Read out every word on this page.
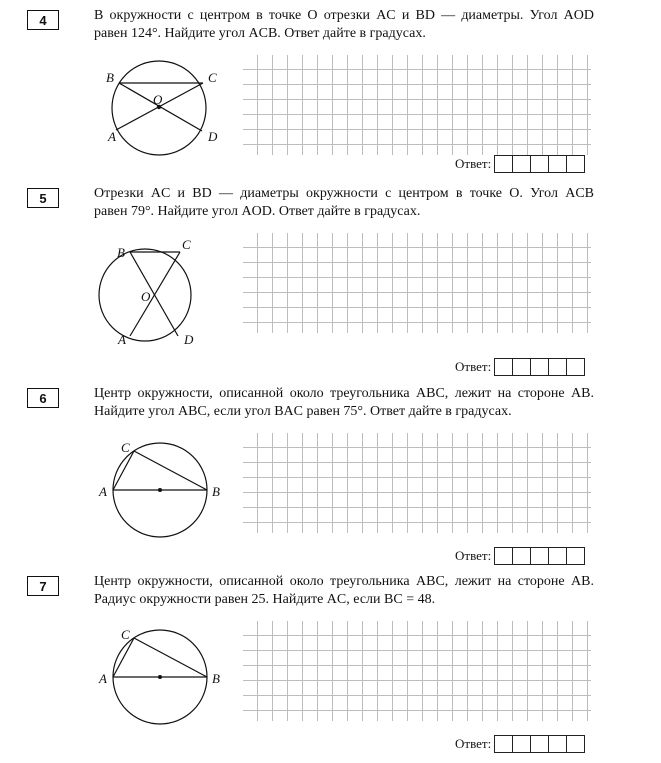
4	В окружности с центром в точке O отрезки AC и BD — диаметры. Угол AOD
равен 124°. Найдите угол ACB. Ответ дайте в градусах.
B	C
A	D
O
Ответ:
5	Отрезки AC и BD — диаметры окружности с центром в точке O. Угол ACB
равен 79°. Найдите угол AOD. Ответ дайте в градусах.
B
C
O
A	D
Ответ:
6	Центр окружности, описанной около треугольника ABC, лежит на стороне AB.
Найдите угол ABC, если угол BAC равен 75°. Ответ дайте в градусах.
C
A	B
Ответ:
7	Центр окружности, описанной около треугольника ABC, лежит на стороне AB.
Радиус окружности равен 25. Найдите AC, если BC = 48.
C
A	B
Ответ:
